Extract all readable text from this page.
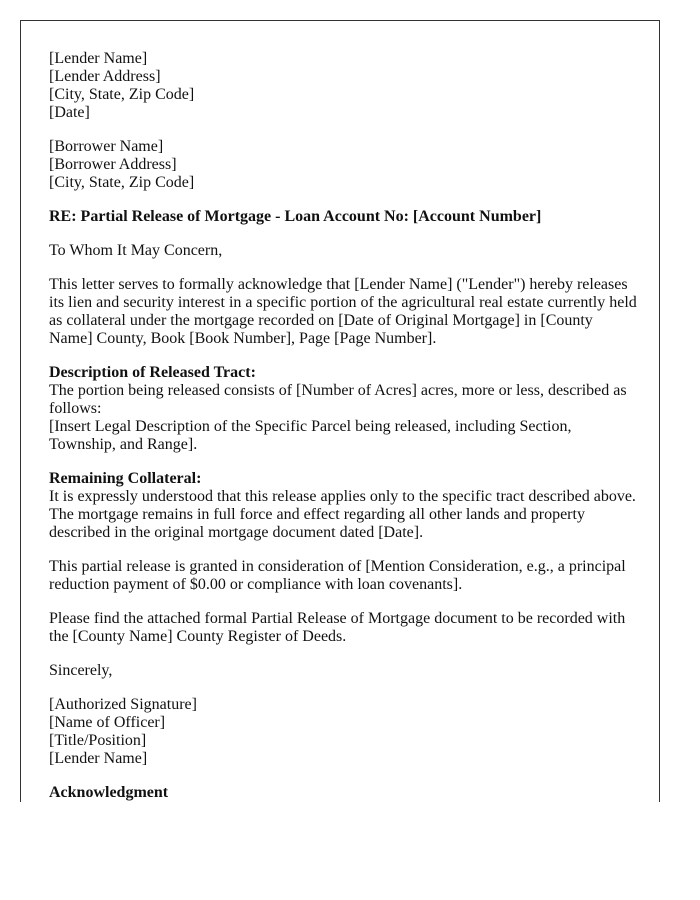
[Lender Name]
[Lender Address]
[City, State, Zip Code]
[Date]
[Borrower Name]
[Borrower Address]
[City, State, Zip Code]

RE: Partial Release of Mortgage - Loan Account No: [Account Number]

To Whom It May Concern,

This letter serves to formally acknowledge that [Lender Name] ("Lender") hereby releases its lien and security interest in a specific portion of the agricultural real estate currently held as collateral under the mortgage recorded on [Date of Original Mortgage] in [County Name] County, Book [Book Number], Page [Page Number].

Description of Released Tract:
The portion being released consists of [Number of Acres] acres, more or less, described as follows:
[Insert Legal Description of the Specific Parcel being released, including Section, Township, and Range].
Remaining Collateral:
It is expressly understood that this release applies only to the specific tract described above. The mortgage remains in full force and effect regarding all other lands and property described in the original mortgage document dated [Date].

This partial release is granted in consideration of [Mention Consideration, e.g., a principal reduction payment of $0.00 or compliance with loan covenants].

Please find the attached formal Partial Release of Mortgage document to be recorded with the [County Name] County Register of Deeds.

Sincerely,

[Authorized Signature]
[Name of Officer]
[Title/Position]
[Lender Name]

Acknowledgment
